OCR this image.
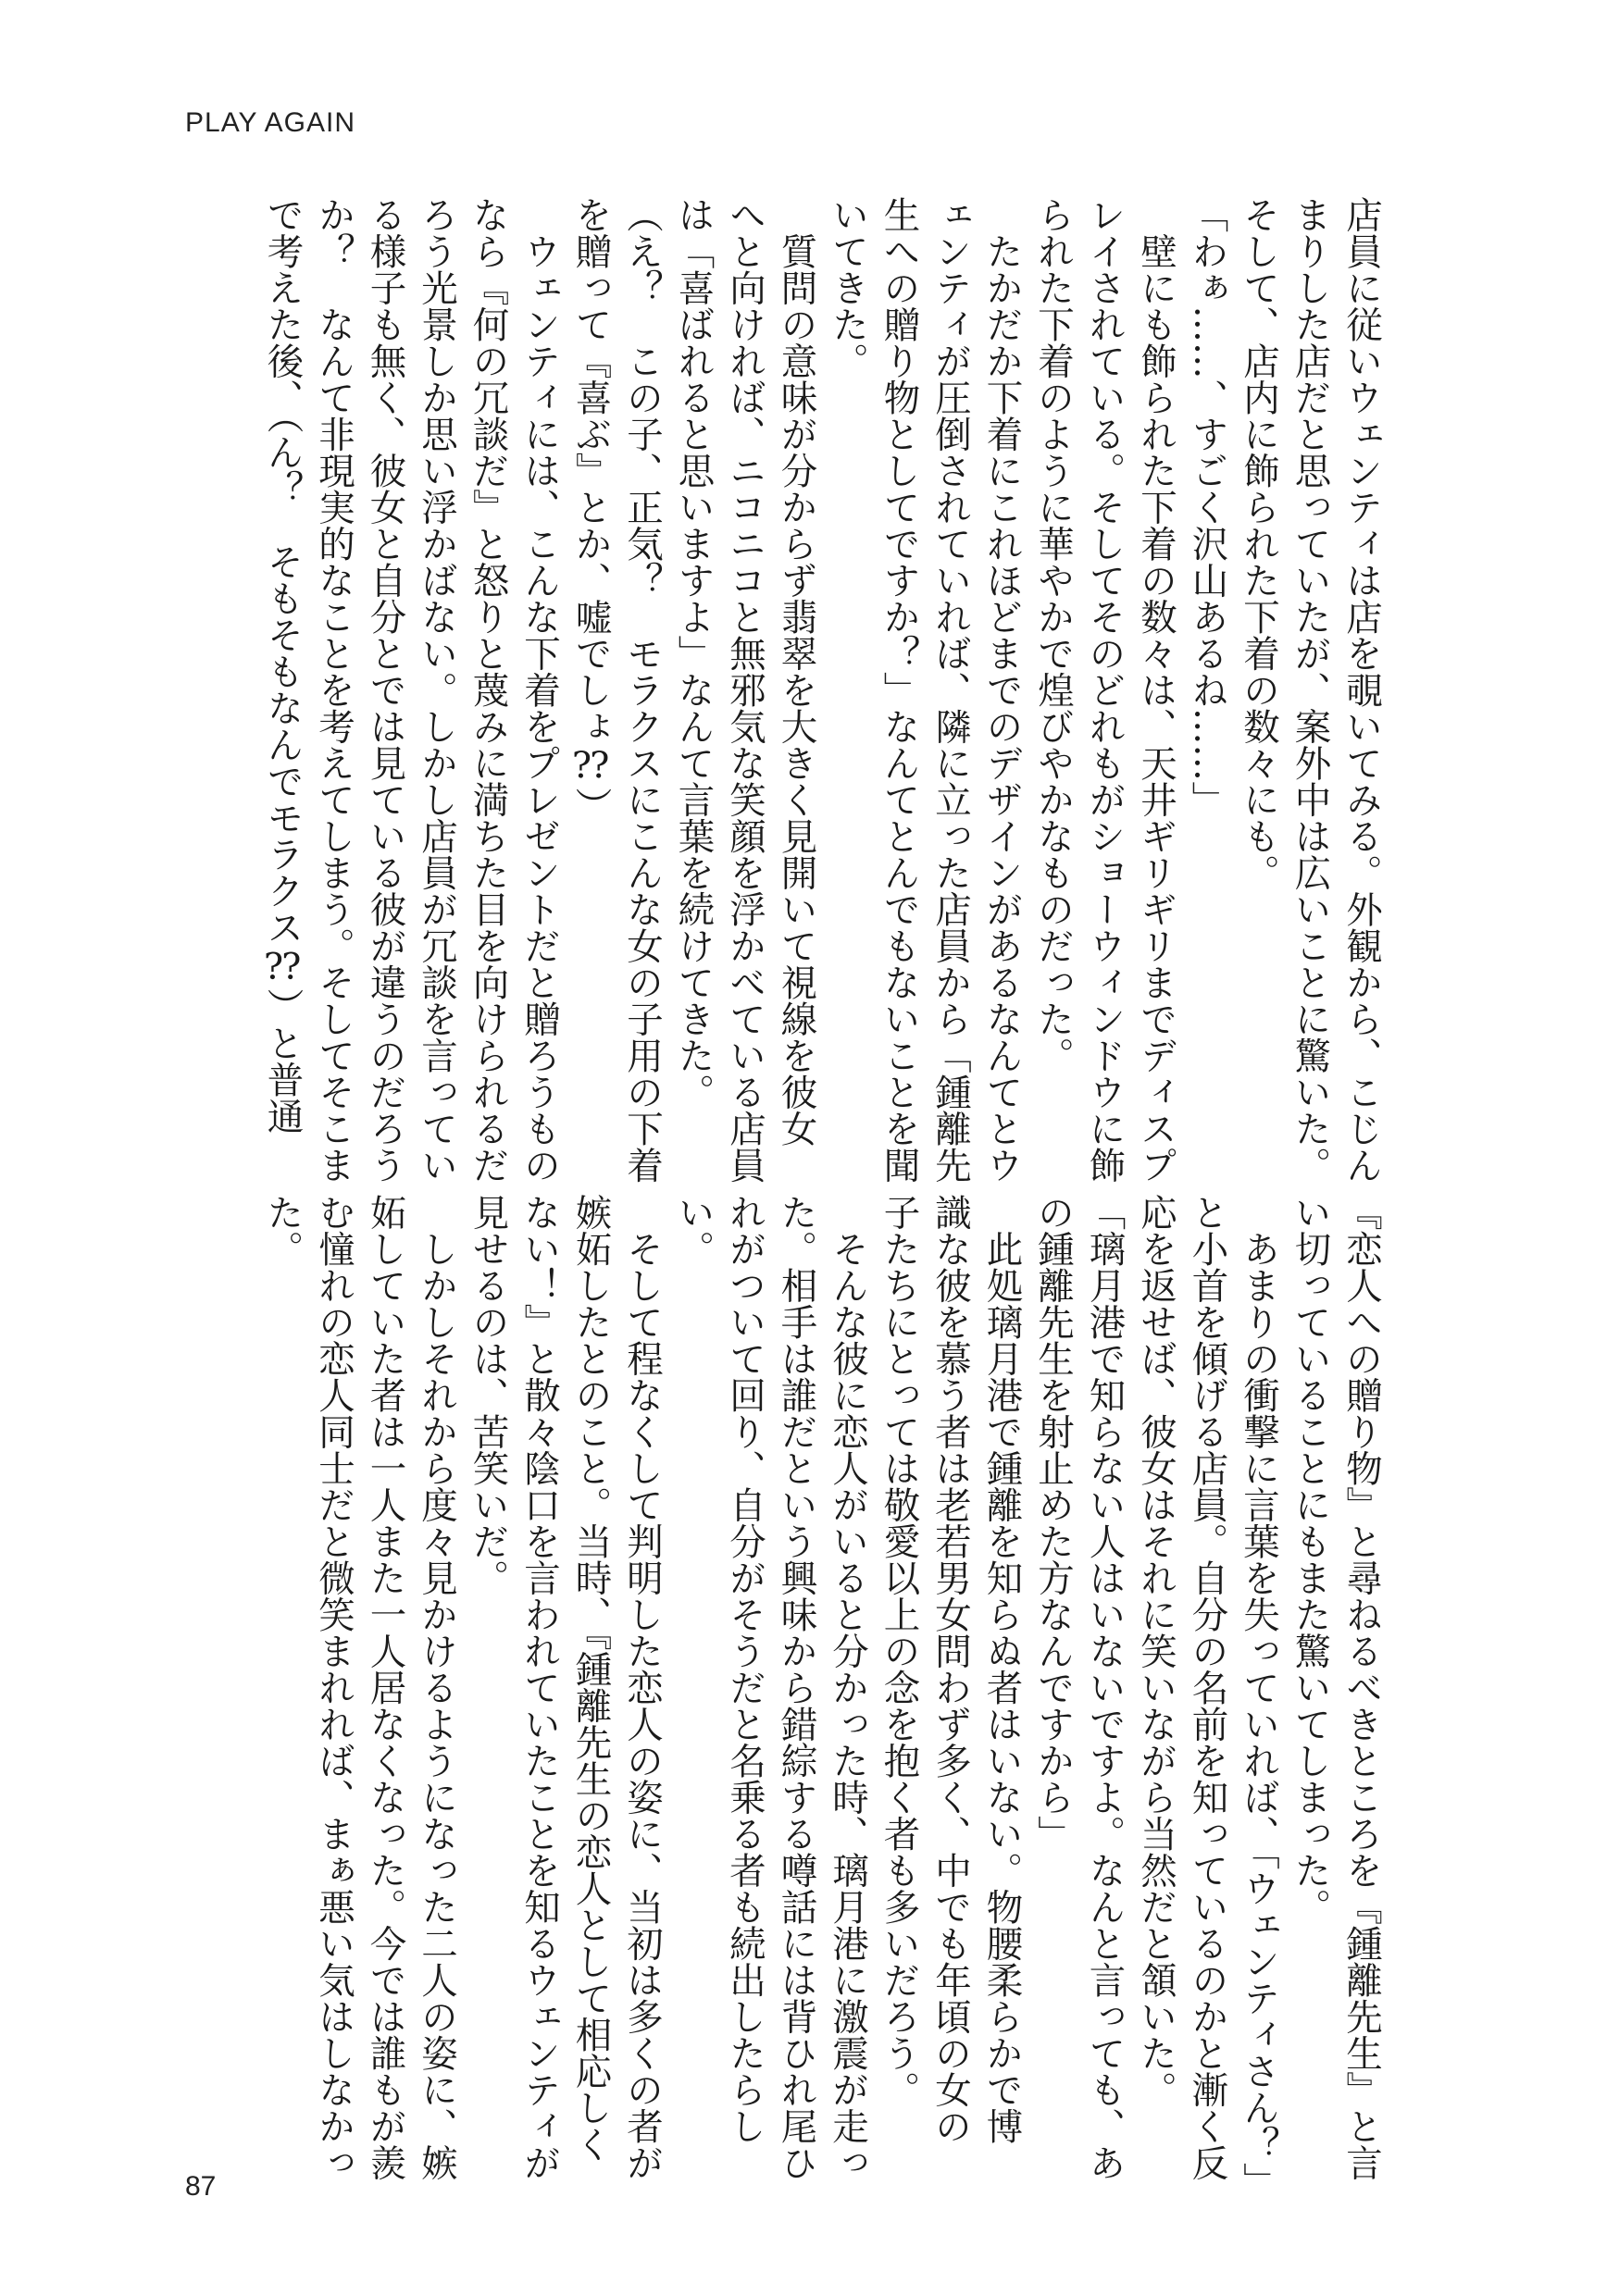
PLAY AGAIN

店員に従いウェンティは店を覗いてみる。外観から、こじん

まりした店だと思っていたが、案外中は広いことに驚いた。

そして、店内に飾られた下着の数々にも。

「わぁ……、すごく沢山あるね……」

　壁にも飾られた下着の数々は、天井ギリギリまでディスプ

レイされている。そしてそのどれもがショーウィンドウに飾

られた下着のように華やかで煌びやかなものだった。

　たかだか下着にこれほどまでのデザインがあるなんてとウ

ェンティが圧倒されていれば、隣に立った店員から「鍾離先

生への贈り物としてですか？」なんてとんでもないことを聞

いてきた。

　質問の意味が分からず翡翠を大きく見開いて視線を彼女

へと向ければ、ニコニコと無邪気な笑顔を浮かべている店員

は「喜ばれると思いますよ」なんて言葉を続けてきた。

（え？　この子、正気？　モラクスにこんな女の子用の下着

を贈って『喜ぶ』とか、嘘でしょ⁇）

　ウェンティには、こんな下着をプレゼントだと贈ろうもの

なら『何の冗談だ』と怒りと蔑みに満ちた目を向けられるだ

ろう光景しか思い浮かばない。しかし店員が冗談を言ってい

る様子も無く、彼女と自分とでは見ている彼が違うのだろう

か？　なんて非現実的なことを考えてしまう。そしてそこま

で考えた後、（ん？　そもそもなんでモラクス⁇）と普通

『恋人への贈り物』と尋ねるべきところを『鍾離先生』と言

い切っていることにもまた驚いてしまった。

　あまりの衝撃に言葉を失っていれば、「ウェンティさん？」

と小首を傾げる店員。自分の名前を知っているのかと漸く反

応を返せば、彼女はそれに笑いながら当然だと頷いた。

「璃月港で知らない人はいないですよ。なんと言っても、あ

の鍾離先生を射止めた方なんですから」

　此処璃月港で鍾離を知らぬ者はいない。物腰柔らかで博

識な彼を慕う者は老若男女問わず多く、中でも年頃の女の

子たちにとっては敬愛以上の念を抱く者も多いだろう。

　そんな彼に恋人がいると分かった時、璃月港に激震が走っ

た。相手は誰だという興味から錯綜する噂話には背ひれ尾ひ

れがついて回り、自分がそうだと名乗る者も続出したらし

い。

　そして程なくして判明した恋人の姿に、当初は多くの者が

嫉妬したとのこと。当時、『鍾離先生の恋人として相応しく

ない！』と散々陰口を言われていたことを知るウェンティが

見せるのは、苦笑いだ。

　しかしそれから度々見かけるようになった二人の姿に、嫉

妬していた者は一人また一人居なくなった。今では誰もが羨

む憧れの恋人同士だと微笑まれれば、まぁ悪い気はしなかっ

た。

87
